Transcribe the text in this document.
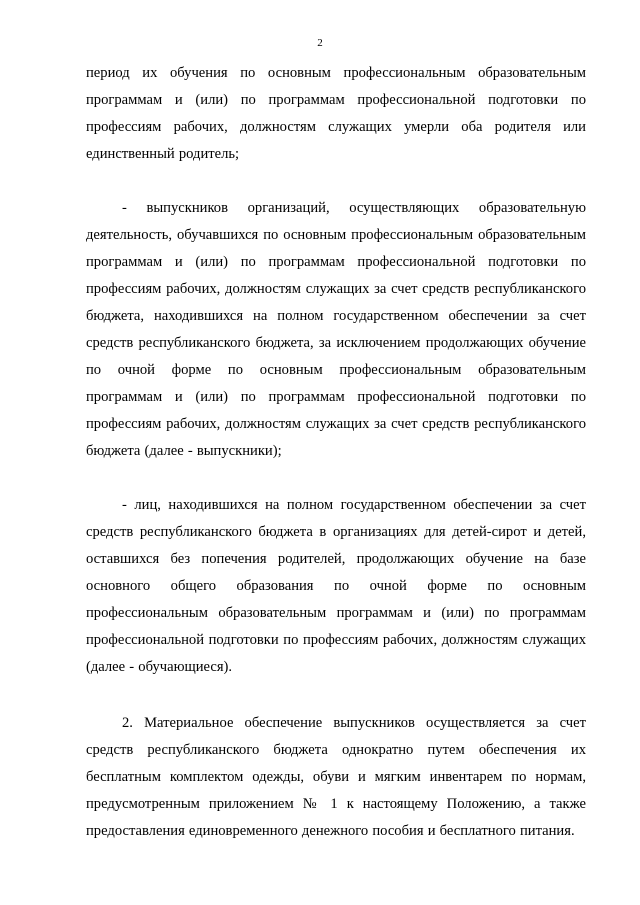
2

период их обучения по основным профессиональным образовательным программам и (или) по программам профессиональной подготовки по профессиям рабочих, должностям служащих умерли оба родителя или единственный родитель;

- выпускников организаций, осуществляющих образовательную деятельность, обучавшихся по основным профессиональным образовательным программам и (или) по программам профессиональной подготовки по профессиям рабочих, должностям служащих за счет средств республиканского бюджета, находившихся на полном государственном обеспечении за счет средств республиканского бюджета, за исключением продолжающих обучение по очной форме по основным профессиональным образовательным программам и (или) по программам профессиональной подготовки по профессиям рабочих, должностям служащих за счет средств республиканского бюджета (далее - выпускники);

- лиц, находившихся на полном государственном обеспечении за счет средств республиканского бюджета в организациях для детей-сирот и детей, оставшихся без попечения родителей, продолжающих обучение на базе основного общего образования по очной форме по основным профессиональным образовательным программам и (или) по программам профессиональной подготовки по профессиям рабочих, должностям служащих (далее - обучающиеся).

2. Материальное обеспечение выпускников осуществляется за счет средств республиканского бюджета однократно путем обеспечения их бесплатным комплектом одежды, обуви и мягким инвентарем по нормам, предусмотренным приложением № 1 к настоящему Положению, а также предоставления единовременного денежного пособия и бесплатного питания.
